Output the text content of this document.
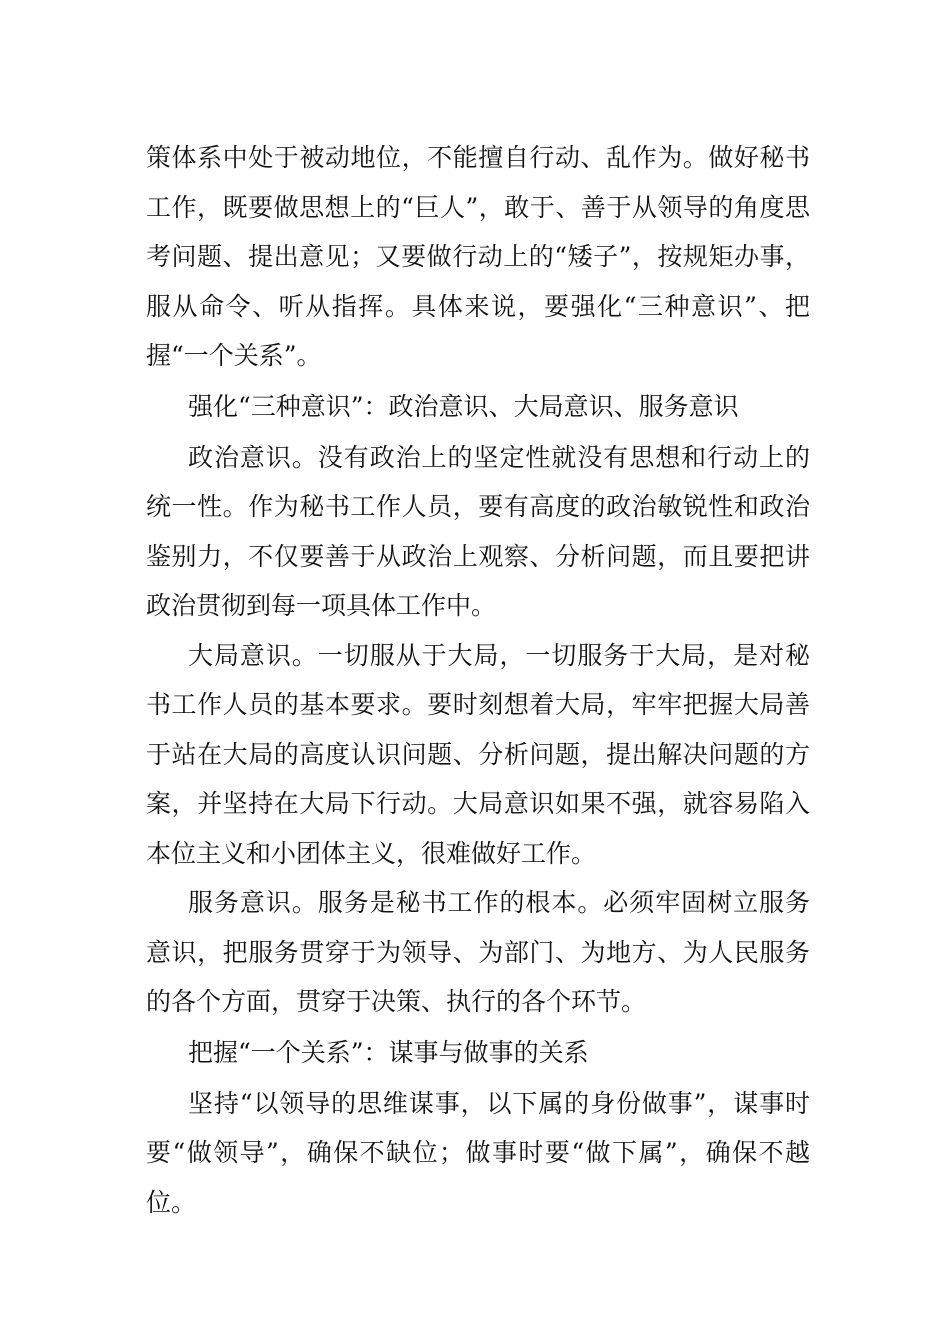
策体系中处于被动地位，不能擅自行动、乱作为。做好秘书工作，既要做思想上的“巨人”，敢于、善于从领导的角度思考问题、提出意见；又要做行动上的“矮子”，按规矩办事，服从命令、听从指挥。具体来说，要强化“三种意识”、把握“一个关系”。

强化“三种意识”：政治意识、大局意识、服务意识

政治意识。没有政治上的坚定性就没有思想和行动上的统一性。作为秘书工作人员，要有高度的政治敏锐性和政治鉴别力，不仅要善于从政治上观察、分析问题，而且要把讲政治贯彻到每一项具体工作中。

大局意识。一切服从于大局，一切服务于大局，是对秘书工作人员的基本要求。要时刻想着大局，牢牢把握大局善于站在大局的高度认识问题、分析问题，提出解决问题的方案，并坚持在大局下行动。大局意识如果不强，就容易陷入本位主义和小团体主义，很难做好工作。

服务意识。服务是秘书工作的根本。必须牢固树立服务意识，把服务贯穿于为领导、为部门、为地方、为人民服务的各个方面，贯穿于决策、执行的各个环节。

把握“一个关系”：谋事与做事的关系

坚持“以领导的思维谋事，以下属的身份做事”，谋事时要“做领导”，确保不缺位；做事时要“做下属”，确保不越位。
